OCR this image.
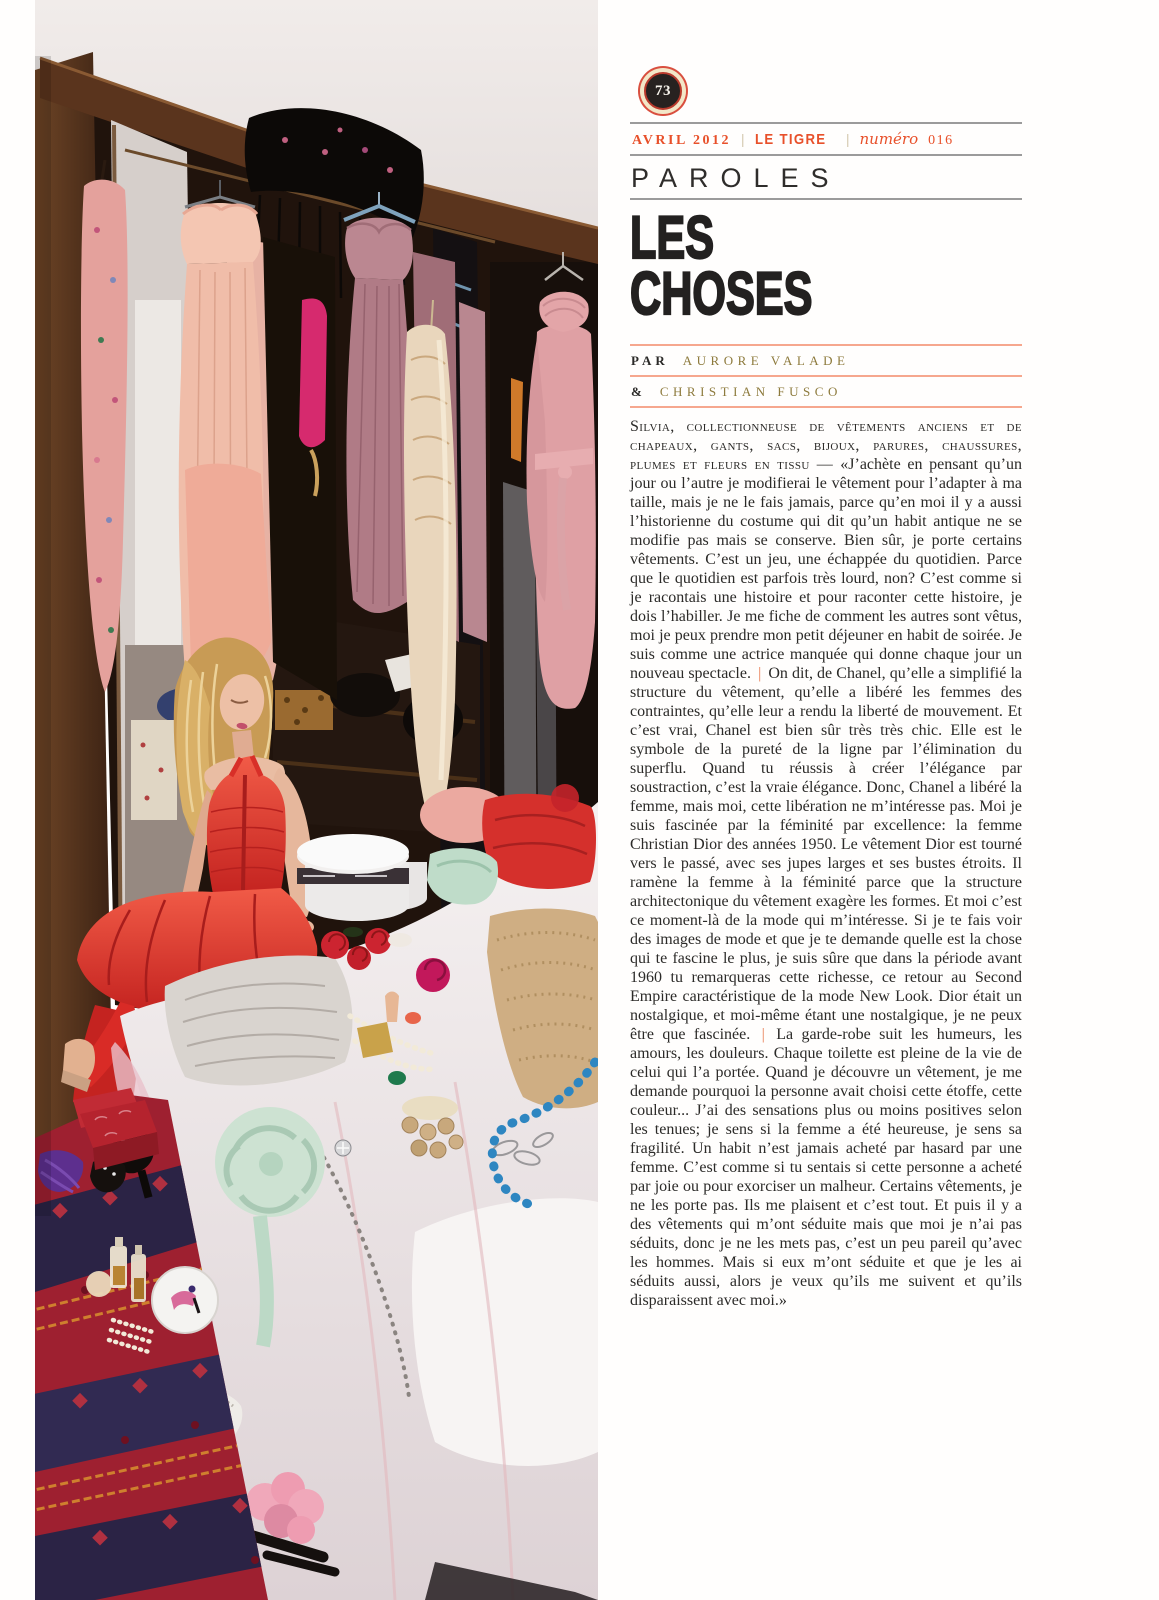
73
AVRIL 2012 | LE TIGRE | numéro 016
PAROLES
LES
CHOSES
PAR AURORE VALADE
& CHRISTIAN FUSCO

Silvia, collectionneuse de vêtements anciens et de chapeaux, gants, sacs, bijoux, parures, chaussures, plumes et fleurs en tissu — «J’achète en pensant qu’un jour ou l’autre je modifierai le vêtement pour l’adapter à ma taille, mais je ne le fais jamais, parce qu’en moi il y a aussi l’historienne du costume qui dit qu’un habit antique ne se modifie pas mais se conserve. Bien sûr, je porte certains vêtements. C’est un jeu, une échappée du quotidien. Parce que le quotidien est parfois très lourd, non? C’est comme si je racontais une histoire et pour raconter cette histoire, je dois l’habiller. Je me fiche de comment les autres sont vêtus, moi je peux prendre mon petit déjeuner en habit de soirée. Je suis comme une actrice manquée qui donne chaque jour un nouveau spectacle. | On dit, de Chanel, qu’elle a simplifié la structure du vêtement, qu’elle a libéré les femmes des contraintes, qu’elle leur a rendu la liberté de mouvement. Et c’est vrai, Chanel est bien sûr très très chic. Elle est le symbole de la pureté de la ligne par l’élimination du superflu. Quand tu réussis à créer l’élégance par soustraction, c’est la vraie élégance. Donc, Chanel a libéré la femme, mais moi, cette libération ne m’intéresse pas. Moi je suis fascinée par la féminité par excellence: la femme Christian Dior des années 1950. Le vêtement Dior est tourné vers le passé, avec ses jupes larges et ses bustes étroits. Il ramène la femme à la féminité parce que la structure architectonique du vêtement exagère les formes. Et moi c’est ce moment-là de la mode qui m’intéresse. Si je te fais voir des images de mode et que je te demande quelle est la chose qui te fascine le plus, je suis sûre que dans la période avant 1960 tu remarqueras cette richesse, ce retour au Second Empire caractéristique de la mode New Look. Dior était un nostalgique, et moi-même étant une nostalgique, je ne peux être que fascinée. | La garde-robe suit les humeurs, les amours, les douleurs. Chaque toilette est pleine de la vie de celui qui l’a portée. Quand je découvre un vêtement, je me demande pourquoi la personne avait choisi cette étoffe, cette couleur... J’ai des sensations plus ou moins positives selon les tenues; je sens si la femme a été heureuse, je sens sa fragilité. Un habit n’est jamais acheté par hasard par une femme. C’est comme si tu sentais si cette personne a acheté par joie ou pour exorciser un malheur. Certains vêtements, je ne les porte pas. Ils me plaisent et c’est tout. Et puis il y a des vêtements qui m’ont séduite mais que moi je n’ai pas séduits, donc je ne les mets pas, c’est un peu pareil qu’avec les hommes. Mais si eux m’ont séduite et que je les ai séduits aussi, alors je veux qu’ils me suivent et qu’ils disparaissent avec moi.»
